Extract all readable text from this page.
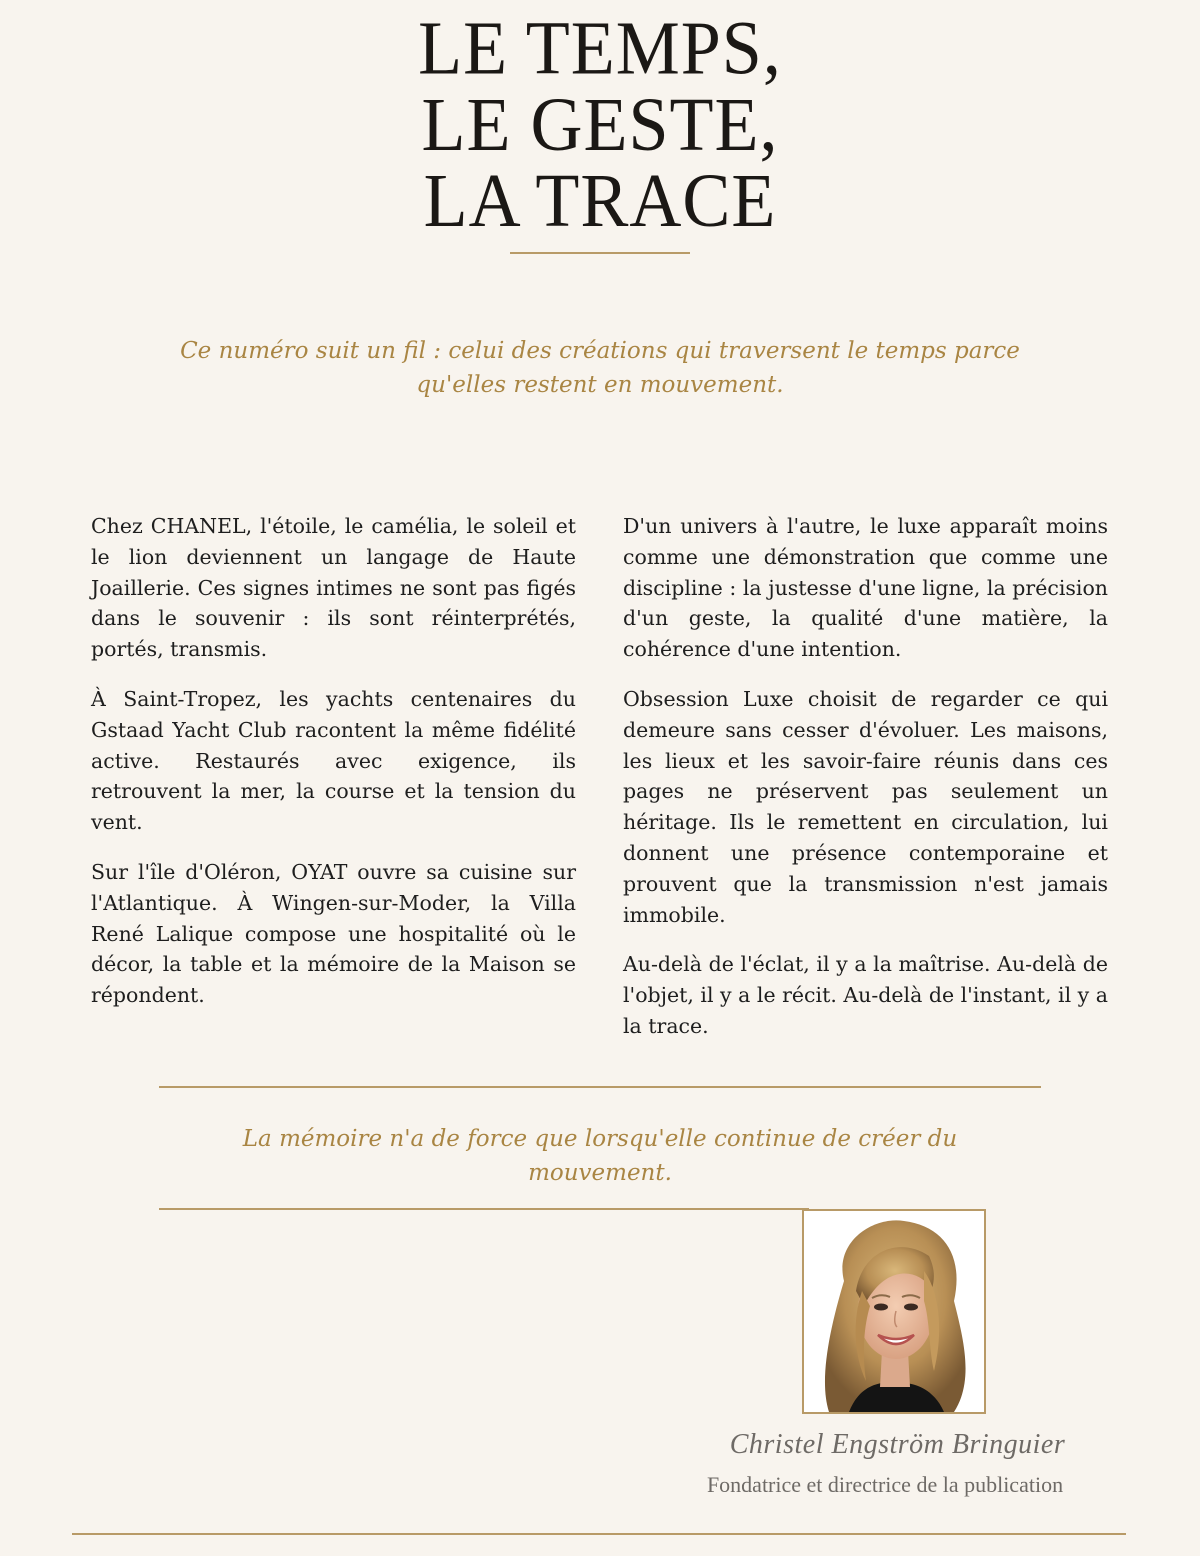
LE TEMPS,
LE GESTE,
LA TRACE

Ce numéro suit un fil : celui des créations qui traversent le temps parce qu'elles restent en mouvement.

Chez CHANEL, l'étoile, le camélia, le soleil et le lion deviennent un langage de Haute Joaillerie. Ces signes intimes ne sont pas figés dans le souvenir : ils sont réinterprétés, portés, transmis.

À Saint-Tropez, les yachts centenaires du Gstaad Yacht Club racontent la même fidélité active. Restaurés avec exigence, ils retrouvent la mer, la course et la tension du vent.

Sur l'île d'Oléron, OYAT ouvre sa cuisine sur l'Atlantique. À Wingen-sur-Moder, la Villa René Lalique compose une hospitalité où le décor, la table et la mémoire de la Maison se répondent.

D'un univers à l'autre, le luxe apparaît moins comme une démonstration que comme une discipline : la justesse d'une ligne, la précision d'un geste, la qualité d'une matière, la cohérence d'une intention.

Obsession Luxe choisit de regarder ce qui demeure sans cesser d'évoluer. Les maisons, les lieux et les savoir-faire réunis dans ces pages ne préservent pas seulement un héritage. Ils le remettent en circulation, lui donnent une présence contemporaine et prouvent que la transmission n'est jamais immobile.

Au-delà de l'éclat, il y a la maîtrise. Au-delà de l'objet, il y a le récit. Au-delà de l'instant, il y a la trace.

La mémoire n'a de force que lorsqu'elle continue de créer du mouvement.

Christel Engström Bringuier

Fondatrice et directrice de la publication
